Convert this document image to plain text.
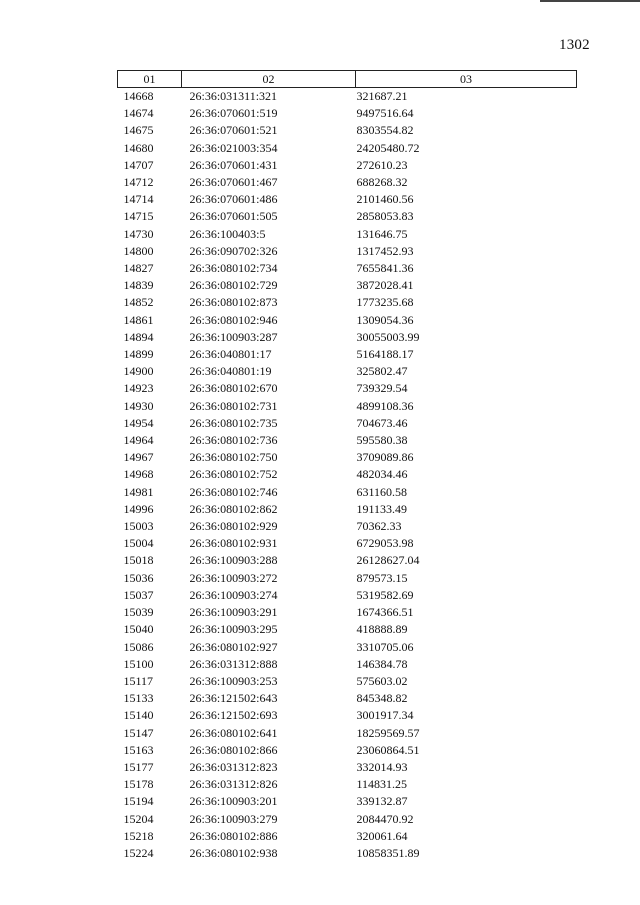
1302
01	02	03
14668	26:36:031311:321	321687.21
14674	26:36:070601:519	9497516.64
14675	26:36:070601:521	8303554.82
14680	26:36:021003:354	24205480.72
14707	26:36:070601:431	272610.23
14712	26:36:070601:467	688268.32
14714	26:36:070601:486	2101460.56
14715	26:36:070601:505	2858053.83
14730	26:36:100403:5	131646.75
14800	26:36:090702:326	1317452.93
14827	26:36:080102:734	7655841.36
14839	26:36:080102:729	3872028.41
14852	26:36:080102:873	1773235.68
14861	26:36:080102:946	1309054.36
14894	26:36:100903:287	30055003.99
14899	26:36:040801:17	5164188.17
14900	26:36:040801:19	325802.47
14923	26:36:080102:670	739329.54
14930	26:36:080102:731	4899108.36
14954	26:36:080102:735	704673.46
14964	26:36:080102:736	595580.38
14967	26:36:080102:750	3709089.86
14968	26:36:080102:752	482034.46
14981	26:36:080102:746	631160.58
14996	26:36:080102:862	191133.49
15003	26:36:080102:929	70362.33
15004	26:36:080102:931	6729053.98
15018	26:36:100903:288	26128627.04
15036	26:36:100903:272	879573.15
15037	26:36:100903:274	5319582.69
15039	26:36:100903:291	1674366.51
15040	26:36:100903:295	418888.89
15086	26:36:080102:927	3310705.06
15100	26:36:031312:888	146384.78
15117	26:36:100903:253	575603.02
15133	26:36:121502:643	845348.82
15140	26:36:121502:693	3001917.34
15147	26:36:080102:641	18259569.57
15163	26:36:080102:866	23060864.51
15177	26:36:031312:823	332014.93
15178	26:36:031312:826	114831.25
15194	26:36:100903:201	339132.87
15204	26:36:100903:279	2084470.92
15218	26:36:080102:886	320061.64
15224	26:36:080102:938	10858351.89
